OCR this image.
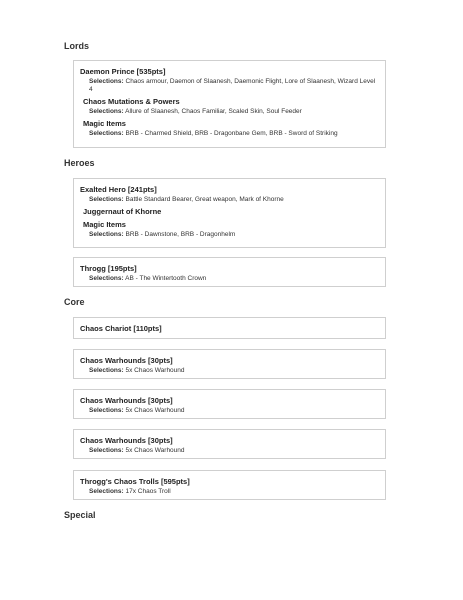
Lords
Daemon Prince [535pts]
Selections: Chaos armour, Daemon of Slaanesh, Daemonic Flight, Lore of Slaanesh, Wizard Level 4
Chaos Mutations & Powers
Selections: Allure of Slaanesh, Chaos Familiar, Scaled Skin, Soul Feeder
Magic Items
Selections: BRB - Charmed Shield, BRB - Dragonbane Gem, BRB - Sword of Striking
Heroes
Exalted Hero [241pts]
Selections: Battle Standard Bearer, Great weapon, Mark of Khorne
Juggernaut of Khorne
Magic Items
Selections: BRB - Dawnstone, BRB - Dragonhelm
Throgg [195pts]
Selections: AB - The Wintertooth Crown
Core
Chaos Chariot [110pts]
Chaos Warhounds [30pts]
Selections: 5x Chaos Warhound
Chaos Warhounds [30pts]
Selections: 5x Chaos Warhound
Chaos Warhounds [30pts]
Selections: 5x Chaos Warhound
Throgg's Chaos Trolls [595pts]
Selections: 17x Chaos Troll
Special
